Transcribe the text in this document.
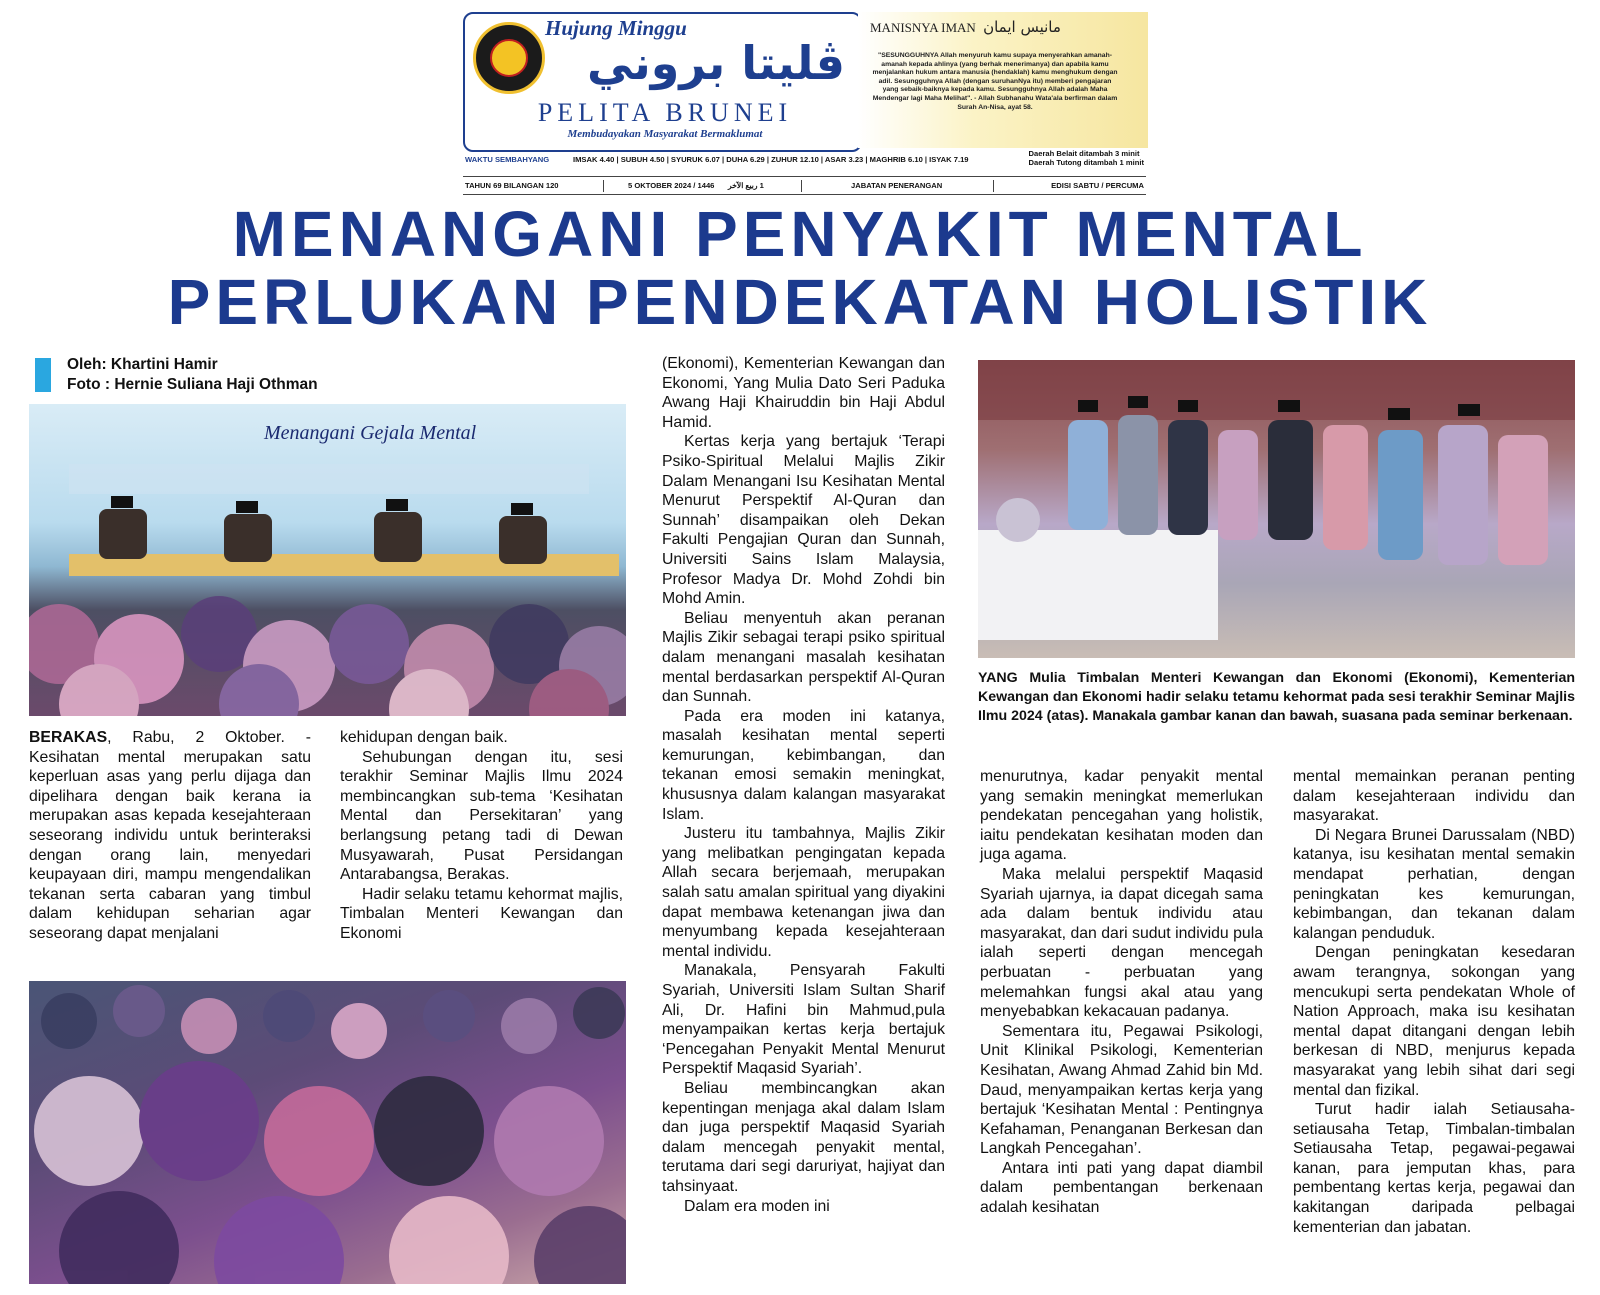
Hujung Minggu
ڤليتا بروني
PELITA BRUNEI
Membudayakan Masyarakat Bermaklumat
MANISNYA IMAN مانيس ايمان
"SESUNGGUHNYA Allah menyuruh kamu supaya menyerahkan amanah-amanah kepada ahlinya (yang berhak menerimanya) dan apabila kamu menjalankan hukum antara manusia (hendaklah) kamu menghukum dengan adil. Sesungguhnya Allah (dengan suruhanNya itu) memberi pengajaran yang sebaik-baiknya kepada kamu. Sesungguhnya Allah adalah Maha Mendengar lagi Maha Melihat". - Allah Subhanahu Wata'ala berfirman dalam Surah An-Nisa, ayat 58.
WAKTU SEMBAHYANG	IMSAK 4.40 | SUBUH 4.50 | SYURUK 6.07 | DUHA 6.29 | ZUHUR 12.10 | ASAR 3.23 | MAGHRIB 6.10 | ISYAK 7.19
Daerah Belait ditambah 3 minit
Daerah Tutong ditambah 1 minit
TAHUN 69 BILANGAN 120	5 OKTOBER 2024 / 1446 1 ربيع الآخر	JABATAN PENERANGAN	EDISI SABTU / PERCUMA
MENANGANI PENYAKIT MENTAL
PERLUKAN PENDEKATAN HOLISTIK
Oleh: Khartini Hamir
Foto : Hernie Suliana Haji Othman
Menangani Gejala Mental
YANG Mulia Timbalan Menteri Kewangan dan Ekonomi (Ekonomi), Kementerian Kewangan dan Ekonomi hadir selaku tetamu kehormat pada sesi terakhir Seminar Majlis Ilmu 2024 (atas). Manakala gambar kanan dan bawah, suasana pada seminar berkenaan.

BERAKAS, Rabu, 2 Oktober. - Kesihatan mental merupakan satu keperluan asas yang perlu dijaga dan dipelihara dengan baik kerana ia merupakan asas kepada kesejahteraan seseorang individu untuk berinteraksi dengan orang lain, menyedari keupayaan diri, mampu mengendalikan tekanan serta cabaran yang timbul dalam kehidupan seharian agar seseorang dapat menjalani

kehidupan dengan baik.

Sehubungan dengan itu, sesi terakhir Seminar Majlis Ilmu 2024 membincangkan sub-tema ‘Kesihatan Mental dan Persekitaran’ yang berlangsung petang tadi di Dewan Musyawarah, Pusat Persidangan Antarabangsa, Berakas.

Hadir selaku tetamu kehormat majlis, Timbalan Menteri Kewangan dan Ekonomi

(Ekonomi), Kementerian Kewangan dan Ekonomi, Yang Mulia Dato Seri Paduka Awang Haji Khairuddin bin Haji Abdul Hamid.

Kertas kerja yang bertajuk ‘Terapi Psiko-Spiritual Melalui Majlis Zikir Dalam Menangani Isu Kesihatan Mental Menurut Perspektif Al-Quran dan Sunnah’ disampaikan oleh Dekan Fakulti Pengajian Quran dan Sunnah, Universiti Sains Islam Malaysia, Profesor Madya Dr. Mohd Zohdi bin Mohd Amin.

Beliau menyentuh akan peranan Majlis Zikir sebagai terapi psiko spiritual dalam menangani masalah kesihatan mental berdasarkan perspektif Al-Quran dan Sunnah.

Pada era moden ini katanya, masalah kesihatan mental seperti kemurungan, kebimbangan, dan tekanan emosi semakin meningkat, khususnya dalam kalangan masyarakat Islam.

Justeru itu tambahnya, Majlis Zikir yang melibatkan pengingatan kepada Allah secara berjemaah, merupakan salah satu amalan spiritual yang diyakini dapat membawa ketenangan jiwa dan menyumbang kepada kesejahteraan mental individu.

Manakala, Pensyarah Fakulti Syariah, Universiti Islam Sultan Sharif Ali, Dr. Hafini bin Mahmud,pula menyampaikan kertas kerja bertajuk ‘Pencegahan Penyakit Mental Menurut Perspektif Maqasid Syariah’.

Beliau membincangkan akan kepentingan menjaga akal dalam Islam dan juga perspektif Maqasid Syariah dalam mencegah penyakit mental, terutama dari segi daruriyat, hajiyat dan tahsinyaat.

Dalam era moden ini

menurutnya, kadar penyakit mental yang semakin meningkat memerlukan pendekatan pencegahan yang holistik, iaitu pendekatan kesihatan moden dan juga agama.

Maka melalui perspektif Maqasid Syariah ujarnya, ia dapat dicegah sama ada dalam bentuk individu atau masyarakat, dan dari sudut individu pula ialah seperti dengan mencegah perbuatan - perbuatan yang melemahkan fungsi akal atau yang menyebabkan kekacauan padanya.

Sementara itu, Pegawai Psikologi, Unit Klinikal Psikologi, Kementerian Kesihatan, Awang Ahmad Zahid bin Md. Daud, menyampaikan kertas kerja yang bertajuk ‘Kesihatan Mental : Pentingnya Kefahaman, Penanganan Berkesan dan Langkah Pencegahan’.

Antara inti pati yang dapat diambil dalam pembentangan berkenaan adalah kesihatan

mental memainkan peranan penting dalam kesejahteraan individu dan masyarakat.

Di Negara Brunei Darussalam (NBD) katanya, isu kesihatan mental semakin mendapat perhatian, dengan peningkatan kes kemurungan, kebimbangan, dan tekanan dalam kalangan penduduk.

Dengan peningkatan kesedaran awam terangnya, sokongan yang mencukupi serta pendekatan Whole of Nation Approach, maka isu kesihatan mental dapat ditangani dengan lebih berkesan di NBD, menjurus kepada masyarakat yang lebih sihat dari segi mental dan fizikal.

Turut hadir ialah Setiausaha-setiausaha Tetap, Timbalan-timbalan Setiausaha Tetap, pegawai-pegawai kanan, para jemputan khas, para pembentang kertas kerja, pegawai dan kakitangan daripada pelbagai kementerian dan jabatan.
